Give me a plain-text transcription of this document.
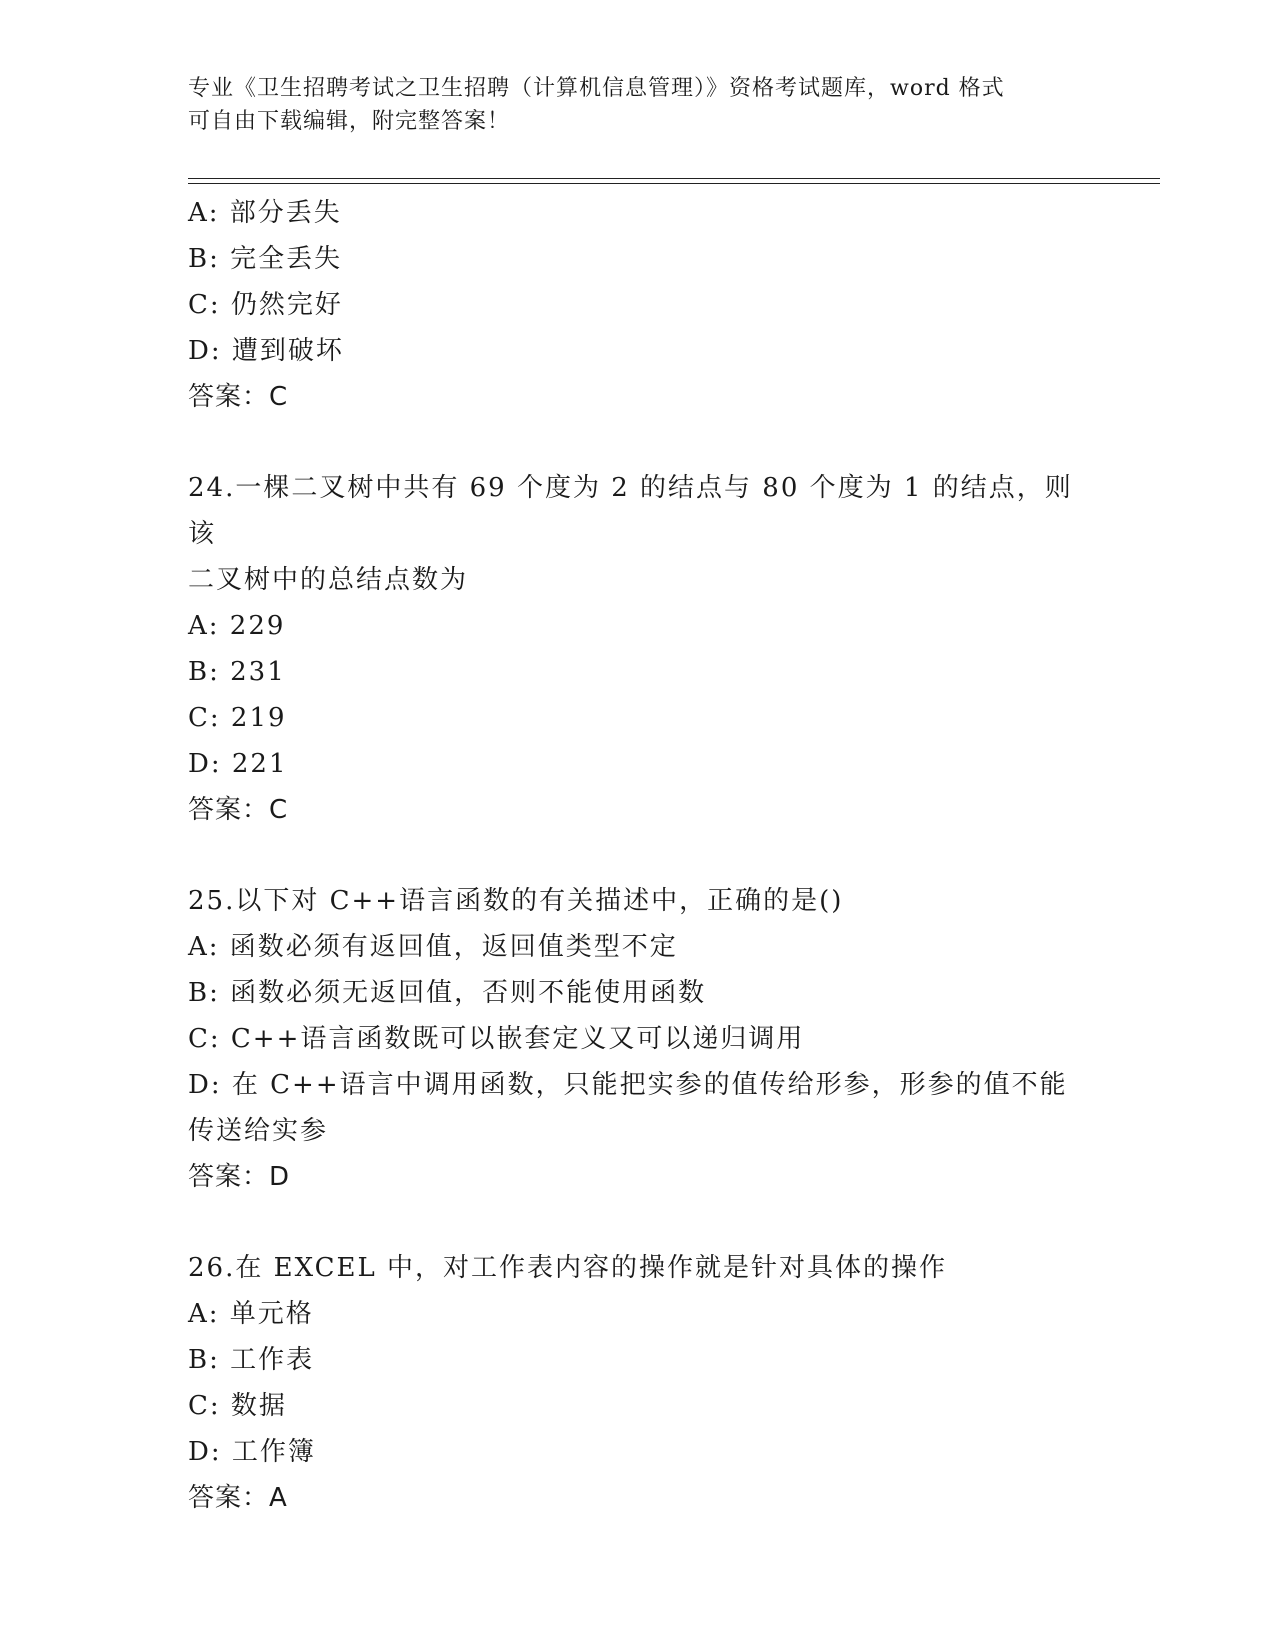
专业《卫生招聘考试之卫生招聘（计算机信息管理）》资格考试题库，word 格式
可自由下载编辑，附完整答案！
A: 部分丢失
B: 完全丢失
C: 仍然完好
D: 遭到破坏
答案：C
24.一棵二叉树中共有 69 个度为 2 的结点与 80 个度为 1 的结点，则该
二叉树中的总结点数为
A: 229
B: 231
C: 219
D: 221
答案：C
25.以下对 C++语言函数的有关描述中，正确的是()
A: 函数必须有返回值，返回值类型不定
B: 函数必须无返回值，否则不能使用函数
C: C++语言函数既可以嵌套定义又可以递归调用
D: 在 C++语言中调用函数，只能把实参的值传给形参，形参的值不能
传送给实参
答案：D
26.在 EXCEL 中，对工作表内容的操作就是针对具体的操作
A: 单元格
B: 工作表
C: 数据
D: 工作簿
答案：A
